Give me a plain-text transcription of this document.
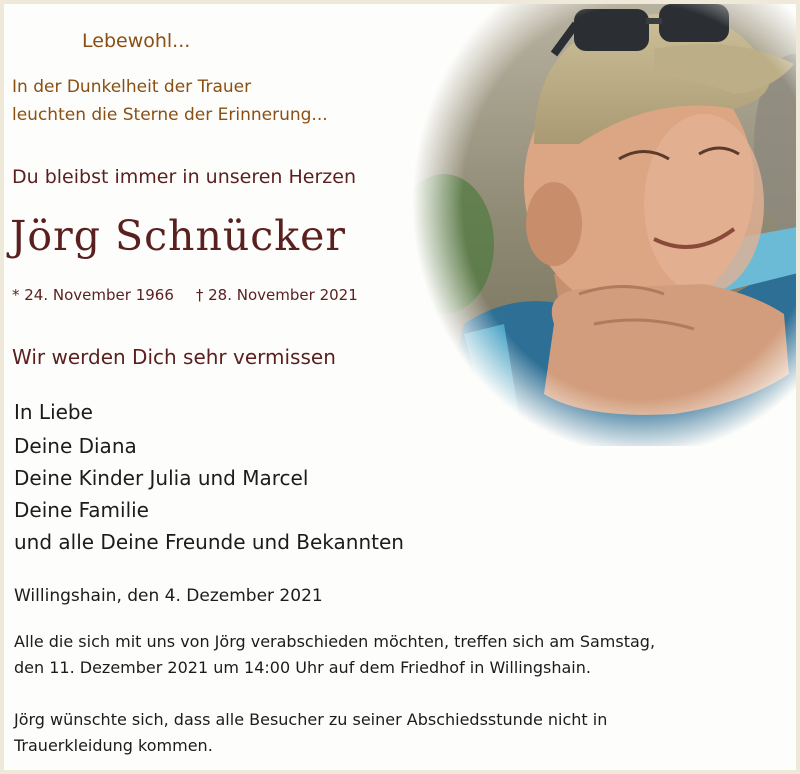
Lebewohl...

In der Dunkelheit der Trauer

leuchten die Sterne der Erinnerung...

Du bleibst immer in unseren Herzen

Jörg Schnücker

* 24. November 1966 † 28. November 2021

Wir werden Dich sehr vermissen

In Liebe

Deine Diana

Deine Kinder Julia und Marcel

Deine Familie

und alle Deine Freunde und Bekannten

Willingshain, den 4. Dezember 2021

Alle die sich mit uns von Jörg verabschieden möchten, treffen sich am Samstag,

den 11. Dezember 2021 um 14:00 Uhr auf dem Friedhof in Willingshain.

Jörg wünschte sich, dass alle Besucher zu seiner Abschiedsstunde nicht in

Trauerkleidung kommen.
